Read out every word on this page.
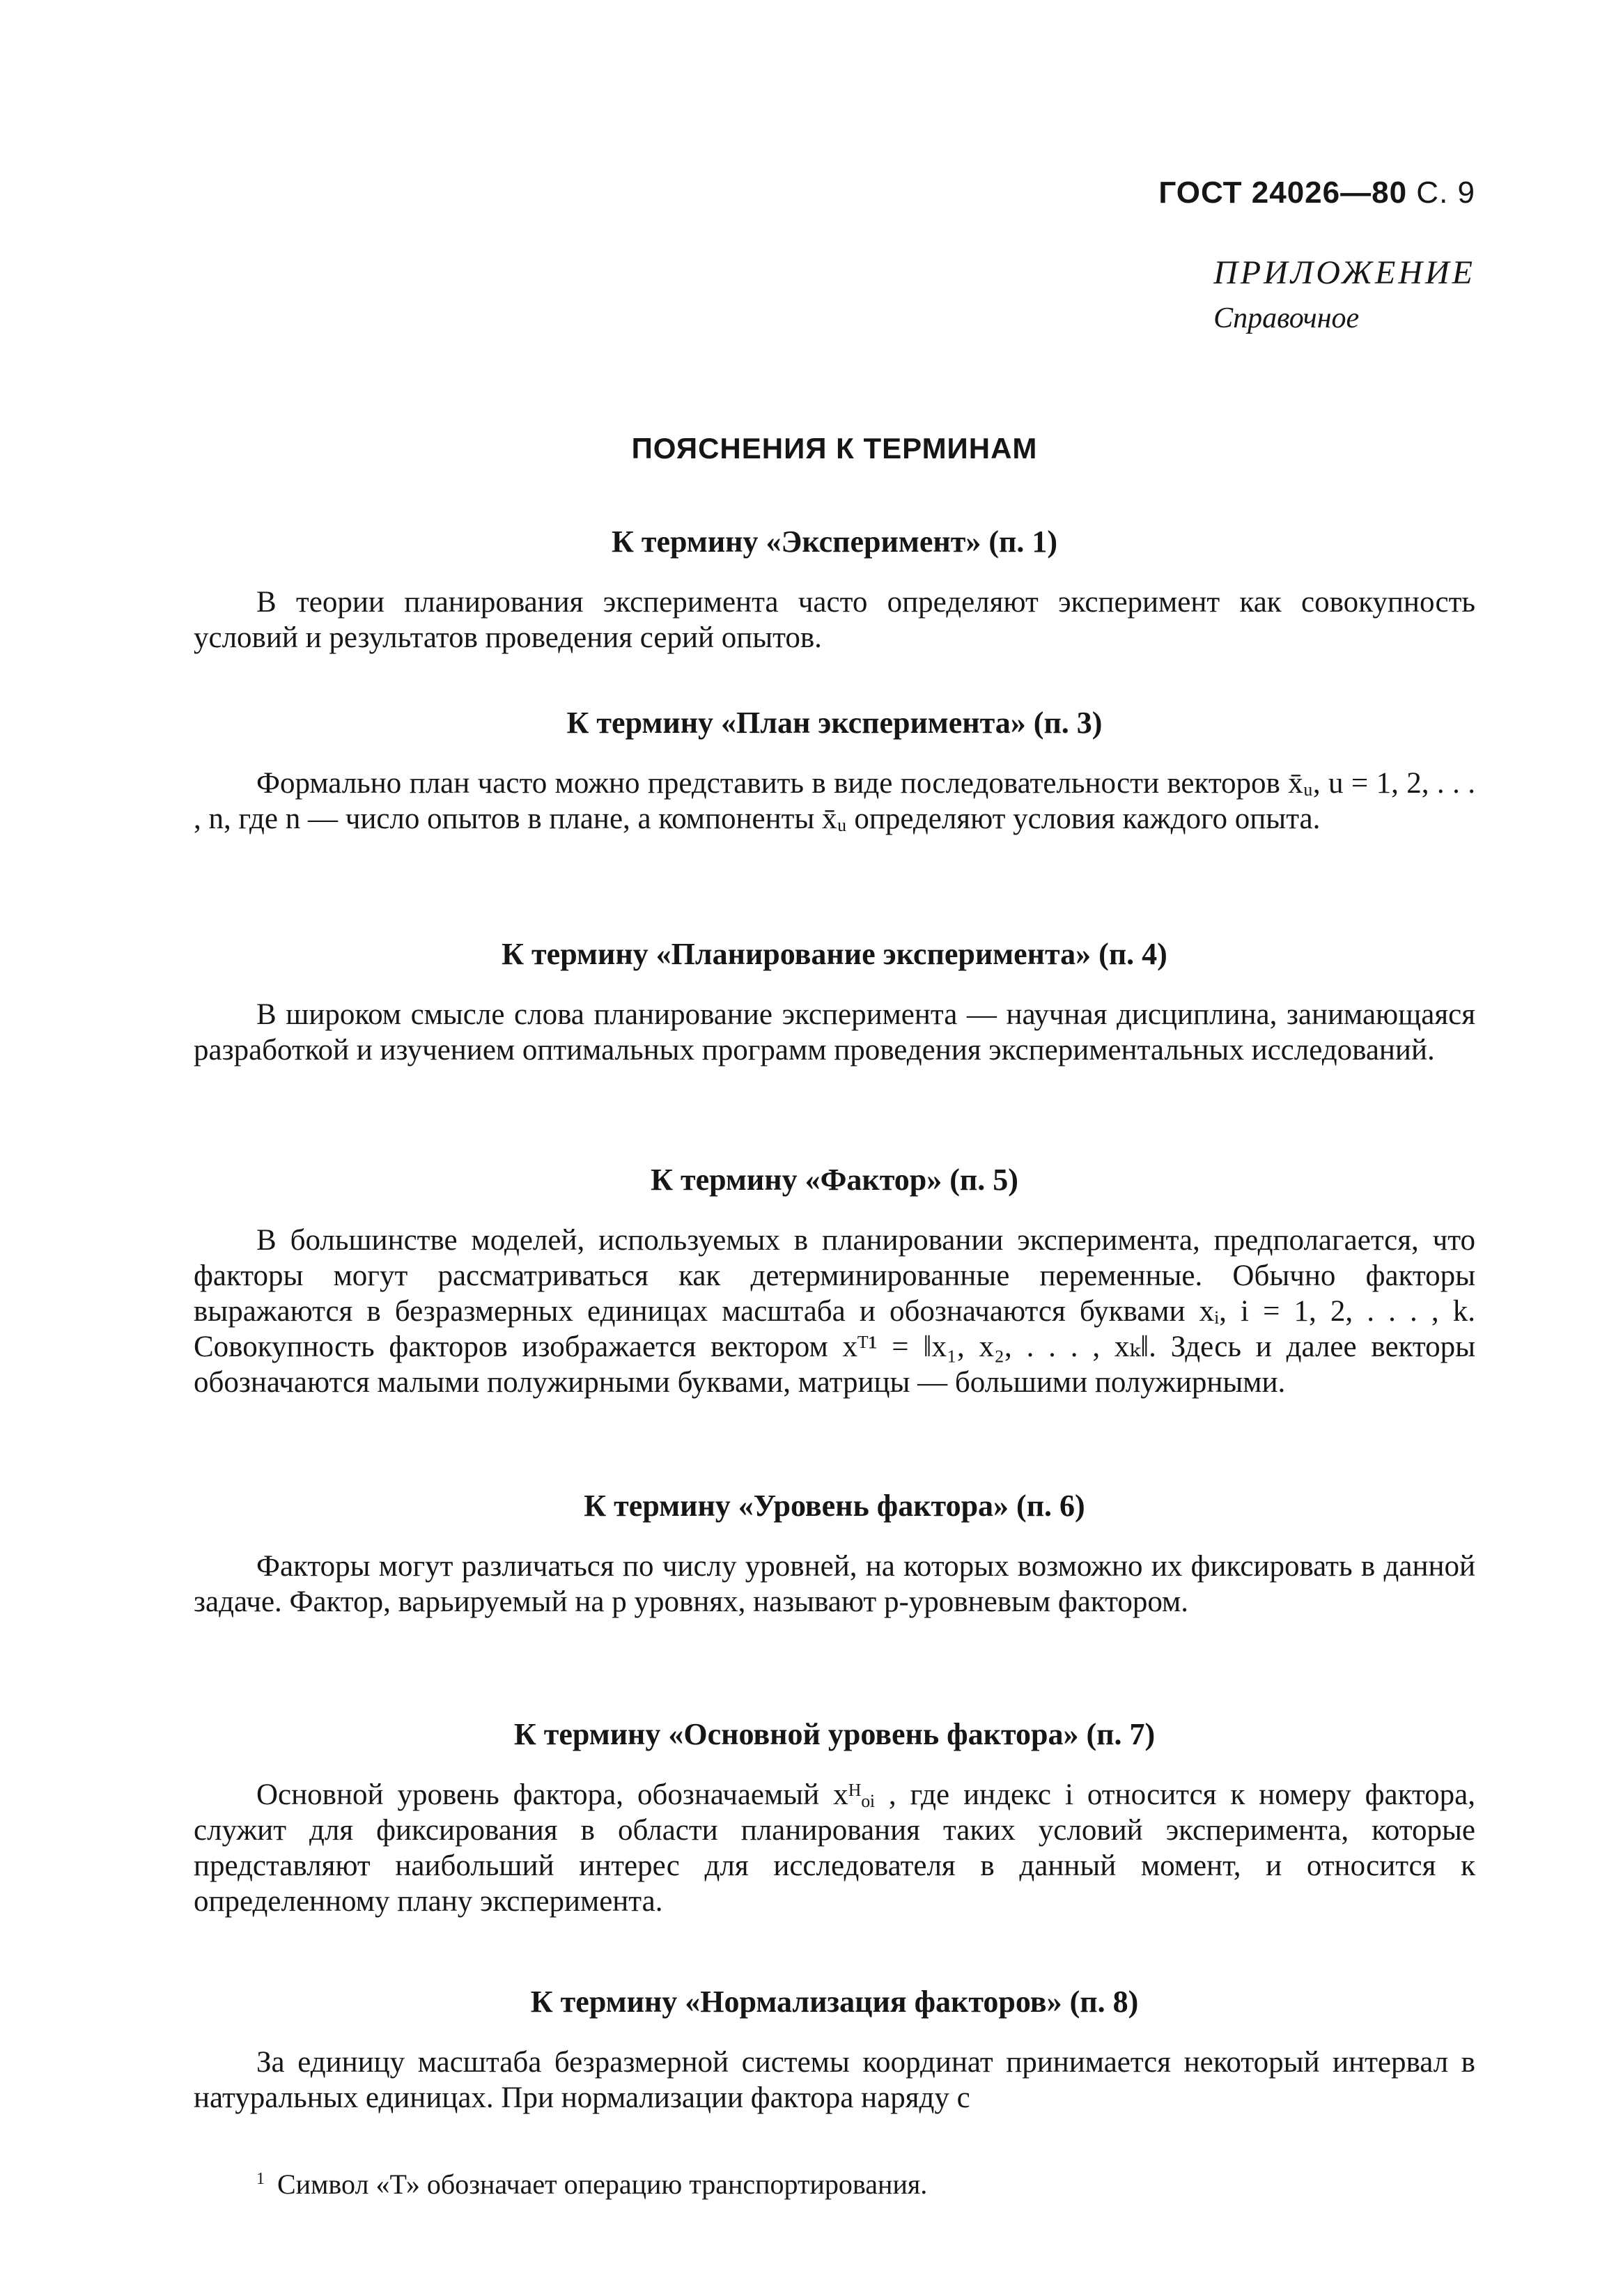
ГОСТ 24026—80 С. 9
ПРИЛОЖЕНИЕ
Справочное
ПОЯСНЕНИЯ К ТЕРМИНАМ
К термину «Эксперимент» (п. 1)

В теории планирования эксперимента часто определяют эксперимент как совокупность условий и результатов проведения серий опытов.

К термину «План эксперимента» (п. 3)

Формально план часто можно представить в виде последовательности векторов x̄ᵤ, u = 1, 2, . . . , n, где n — число опытов в плане, а компоненты x̄ᵤ определяют условия каждого опыта.

К термину «Планирование эксперимента» (п. 4)

В широком смысле слова планирование эксперимента — научная дисциплина, занимающаяся разработкой и изучением оптимальных программ проведения экспериментальных исследований.

К термину «Фактор» (п. 5)

В большинстве моделей, используемых в планировании эксперимента, предполагается, что факторы могут рассматриваться как детерминированные переменные. Обычно факторы выражаются в безразмерных единицах масштаба и обозначаются буквами xᵢ, i = 1, 2, . . . , k. Совокупность факторов изображается вектором xᵀ¹ = ‖x₁, x₂, . . . , xₖ‖. Здесь и далее векторы обозначаются малыми полужирными буквами, матрицы — большими полужирными.

К термину «Уровень фактора» (п. 6)

Факторы могут различаться по числу уровней, на которых возможно их фиксировать в данной задаче. Фактор, варьируемый на p уровнях, называют p-уровневым фактором.

К термину «Основной уровень фактора» (п. 7)

Основной уровень фактора, обозначаемый xᴴₒᵢ , где индекс i относится к номеру фактора, служит для фиксирования в области планирования таких условий эксперимента, которые представляют наибольший интерес для исследователя в данный момент, и относится к определенному плану эксперимента.

К термину «Нормализация факторов» (п. 8)

За единицу масштаба безразмерной системы координат принимается некоторый интервал в натуральных единицах. При нормализации фактора наряду с

$^1$ Символ «Т» обозначает операцию транспортирования.
